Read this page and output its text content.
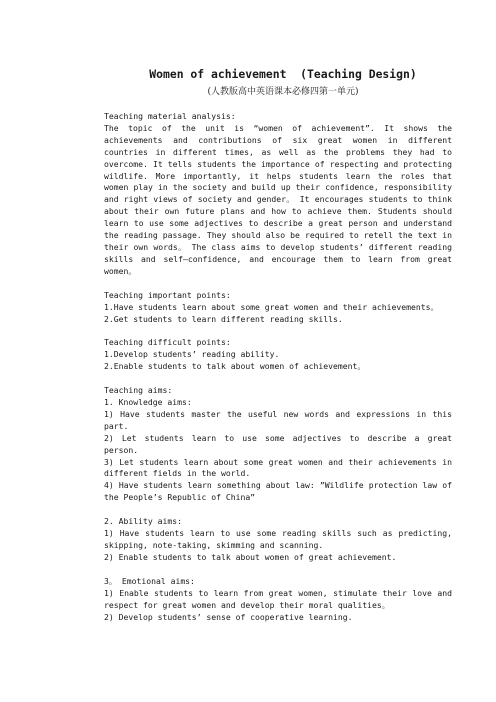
Women of achievement  (Teaching Design)

(人教版高中英语课本必修四第一单元)

Teaching material analysis:

The topic of the unit is “women of achievement”. It shows the achievements and contributions of six great women in different countries in different times, as well as the problems they had to overcome. It tells students the importance of respecting and protecting wildlife. More importantly, it helps students learn the roles that women play in the society and build up their confidence, responsibility and right views of society and gender。 It encourages students to think about their own future plans and how to achieve them. Students should learn to use some adjectives to describe a great person and understand the reading passage. They should also be required to retell the text in their own words。 The class aims to develop students’ different reading skills and self—confidence, and encourage them to learn from great women。

Teaching important points:

1.Have students learn about some great women and their achievements。

2.Get students to learn different reading skills.

Teaching difficult points:

1.Develop students’ reading ability.

2.Enable students to talk about women of achievement。

Teaching aims:

1. Knowledge aims:

1) Have students master the useful new words and expressions in this part.

2) Let students learn to use some adjectives to describe a great person.

3) Let students learn about some great women and their achievements in different fields in the world.

4) Have students learn something about law: ”Wildlife protection law of the People’s Republic of China”

2. Ability aims:

1) Have students learn to use some reading skills such as predicting, skipping, note-taking, skimming and scanning.

2) Enable students to talk about women of great achievement.

3。 Emotional aims:

1) Enable students to learn from great women, stimulate their love and respect for great women and develop their moral qualities。

2) Develop students’ sense of cooperative learning.
